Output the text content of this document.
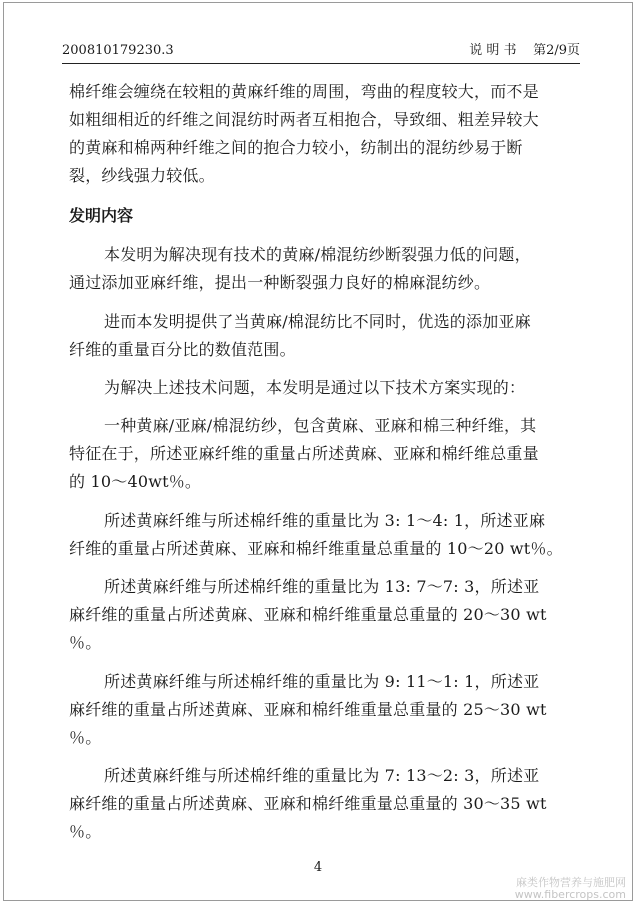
200810179230.3	说 明 书 第2/9页
棉纤维会缠绕在较粗的黄麻纤维的周围，弯曲的程度较大，而不是
如粗细相近的纤维之间混纺时两者互相抱合，导致细、粗差异较大
的黄麻和棉两种纤维之间的抱合力较小，纺制出的混纺纱易于断
裂，纱线强力较低。
发明内容
本发明为解决现有技术的黄麻/棉混纺纱断裂强力低的问题，
通过添加亚麻纤维，提出一种断裂强力良好的棉麻混纺纱。
进而本发明提供了当黄麻/棉混纺比不同时，优选的添加亚麻
纤维的重量百分比的数值范围。
为解决上述技术问题，本发明是通过以下技术方案实现的：
一种黄麻/亚麻/棉混纺纱，包含黄麻、亚麻和棉三种纤维，其
特征在于，所述亚麻纤维的重量占所述黄麻、亚麻和棉纤维总重量
的 10～40wt％。
所述黄麻纤维与所述棉纤维的重量比为 3: 1～4: 1，所述亚麻
纤维的重量占所述黄麻、亚麻和棉纤维重量总重量的 10～20 wt％。
所述黄麻纤维与所述棉纤维的重量比为 13: 7～7: 3，所述亚
麻纤维的重量占所述黄麻、亚麻和棉纤维重量总重量的 20～30 wt
％。
所述黄麻纤维与所述棉纤维的重量比为 9: 11～1: 1，所述亚
麻纤维的重量占所述黄麻、亚麻和棉纤维重量总重量的 25～30 wt
％。
所述黄麻纤维与所述棉纤维的重量比为 7: 13～2: 3，所述亚
麻纤维的重量占所述黄麻、亚麻和棉纤维重量总重量的 30～35 wt
％。
4
麻类作物营养与施肥网
www.fibercrops.com
